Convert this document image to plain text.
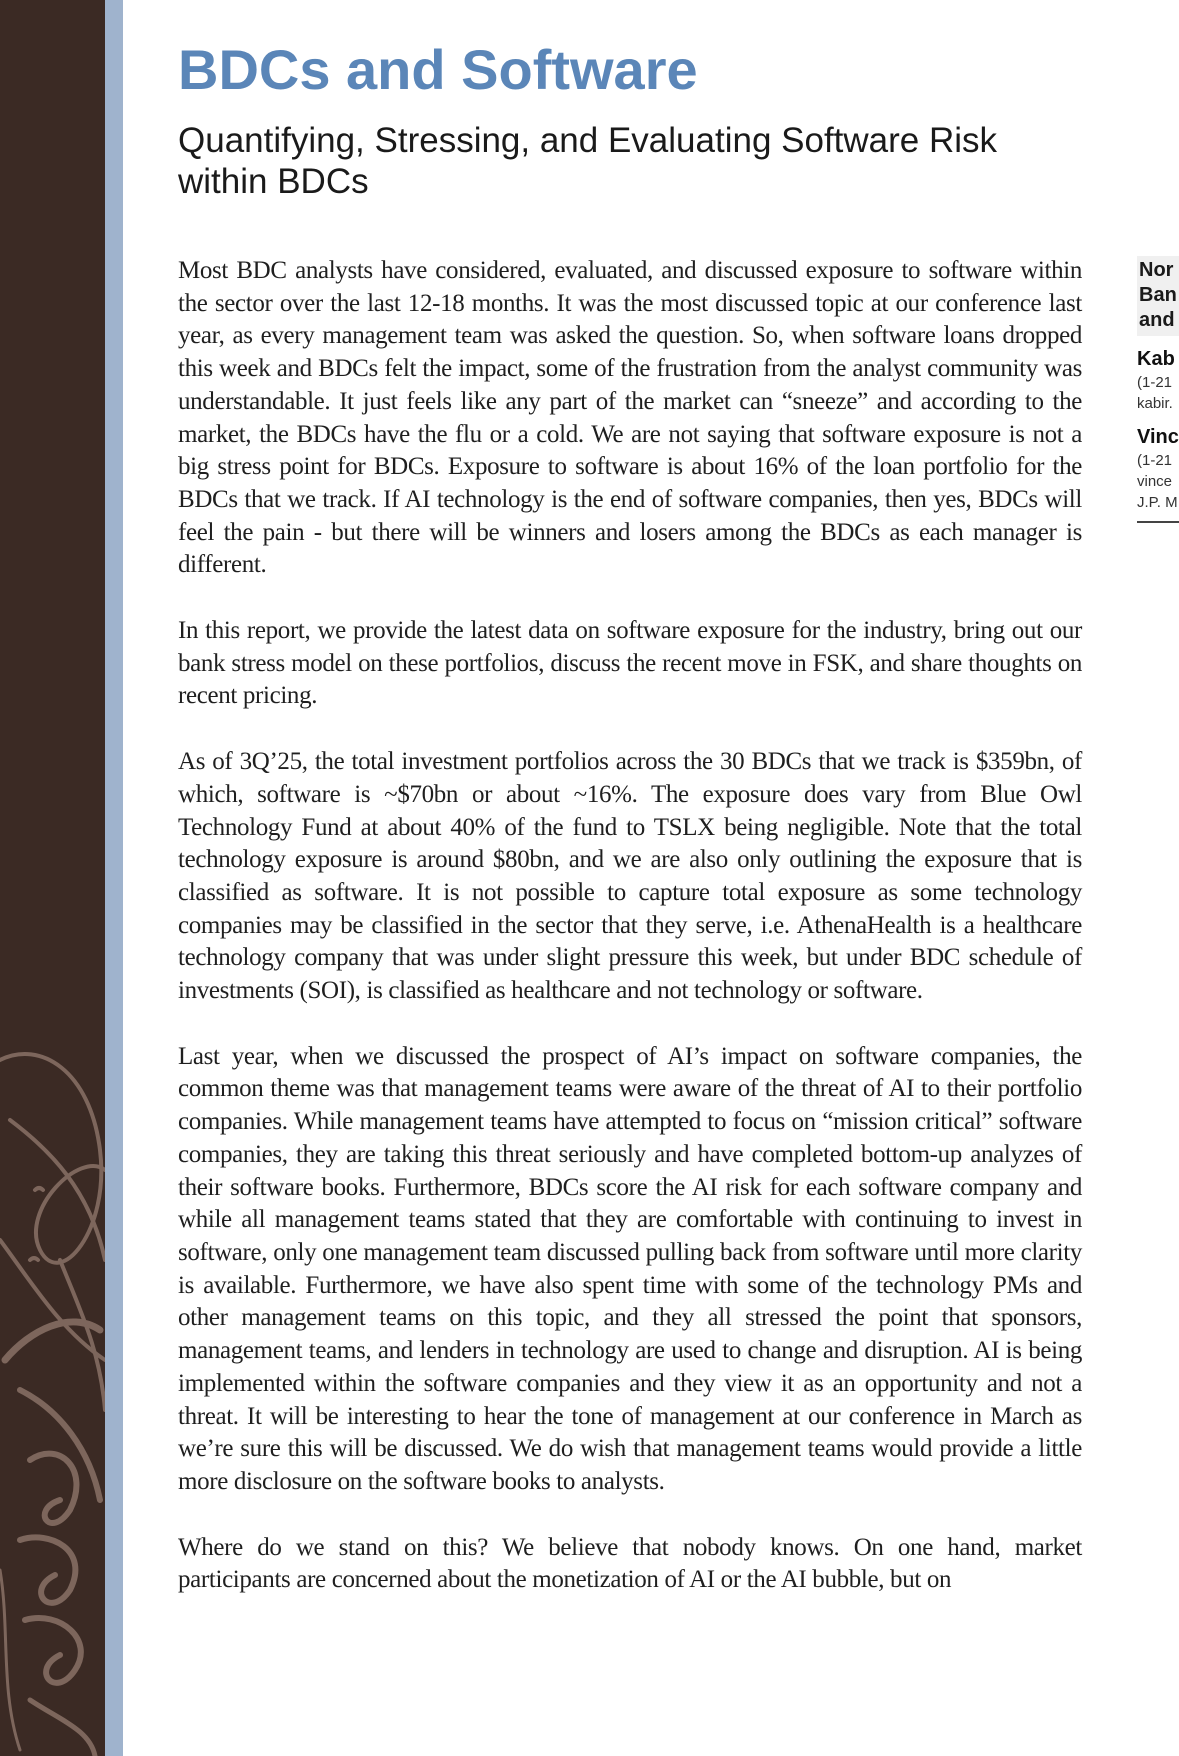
BDCs and Software
Quantifying, Stressing, and Evaluating Software Risk within BDCs

Most BDC analysts have considered, evaluated, and discussed exposure to software within the sector over the last 12-18 months. It was the most discussed topic at our conference last year, as every management team was asked the question. So, when software loans dropped this week and BDCs felt the impact, some of the frustration from the analyst community was understandable. It just feels like any part of the market can “sneeze” and according to the market, the BDCs have the flu or a cold. We are not saying that software exposure is not a big stress point for BDCs. Exposure to software is about 16% of the loan portfolio for the BDCs that we track. If AI technology is the end of software companies, then yes, BDCs will feel the pain - but there will be winners and losers among the BDCs as each manager is different.

In this report, we provide the latest data on software exposure for the industry, bring out our bank stress model on these portfolios, discuss the recent move in FSK, and share thoughts on recent pricing.

As of 3Q’25, the total investment portfolios across the 30 BDCs that we track is $359bn, of which, software is ~$70bn or about ~16%. The exposure does vary from Blue Owl Technology Fund at about 40% of the fund to TSLX being negligible. Note that the total technology exposure is around $80bn, and we are also only outlining the exposure that is classified as software. It is not possible to capture total exposure as some technology companies may be classified in the sector that they serve, i.e. AthenaHealth is a healthcare technology company that was under slight pressure this week, but under BDC schedule of investments (SOI), is classified as healthcare and not technology or software.

Last year, when we discussed the prospect of AI’s impact on software companies, the common theme was that management teams were aware of the threat of AI to their portfolio companies. While management teams have attempted to focus on “mission critical” software companies, they are taking this threat seriously and have completed bottom-up analyzes of their software books. Furthermore, BDCs score the AI risk for each software company and while all management teams stated that they are comfortable with continuing to invest in software, only one management team discussed pulling back from software until more clarity is available. Furthermore, we have also spent time with some of the technology PMs and other management teams on this topic, and they all stressed the point that sponsors, management teams, and lenders in technology are used to change and disruption. AI is being implemented within the software companies and they view it as an opportunity and not a threat. It will be interesting to hear the tone of management at our conference in March as we’re sure this will be discussed. We do wish that management teams would provide a little more disclosure on the software books to analysts.

Where do we stand on this? We believe that nobody knows. On one hand, market participants are concerned about the monetization of AI or the AI bubble, but on

Nor
Ban
and
Kab
(1-21
kabir.
Vinc
(1-21
vince
J.P. M
